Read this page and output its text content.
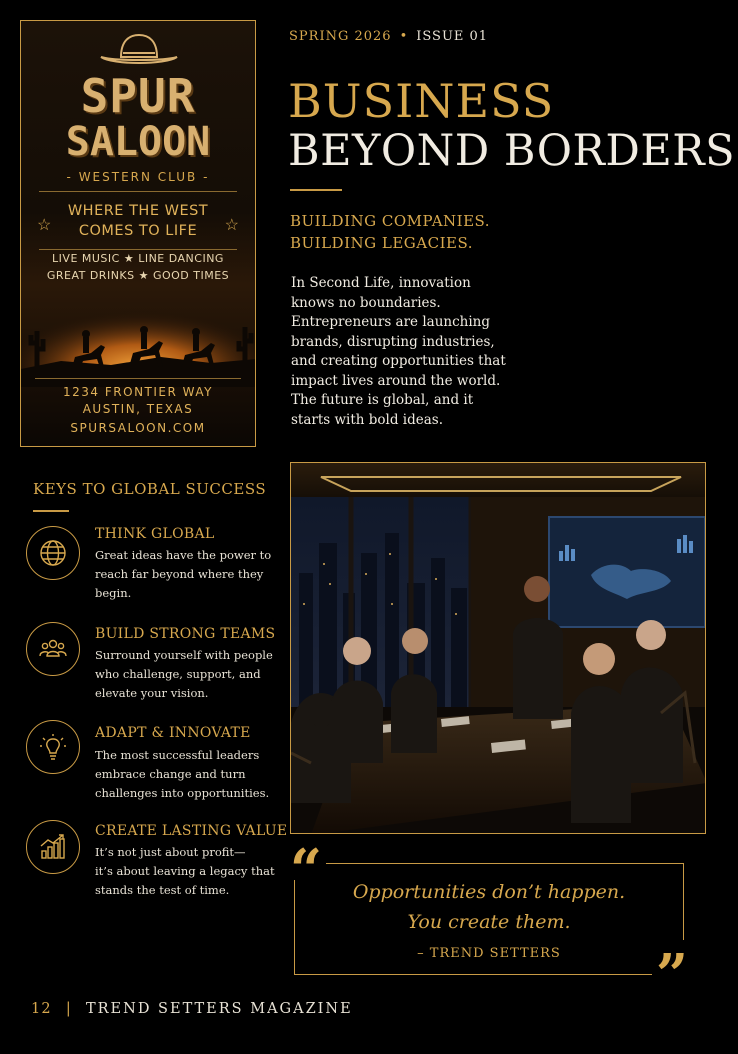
SPUR
SALOON
- WESTERN CLUB -
☆	☆
WHERE THE WEST
COMES TO LIFE
LIVE MUSIC ★ LINE DANCING
GREAT DRINKS ★ GOOD TIMES
1234 FRONTIER WAY
AUSTIN, TEXAS
SPURSALOON.COM
SPRING 2026 • ISSUE 01
BUSINESS
BEYOND BORDERS
BUILDING COMPANIES.
BUILDING LEGACIES.
In Second Life, innovation
knows no boundaries.
Entrepreneurs are launching
brands, disrupting industries,
and creating opportunities that
impact lives around the world.
The future is global, and it
starts with bold ideas.
KEYS TO GLOBAL SUCCESS
THINK GLOBAL
Great ideas have the power to
reach far beyond where they
begin.
BUILD STRONG TEAMS
Surround yourself with people
who challenge, support, and
elevate your vision.
ADAPT & INNOVATE
The most successful leaders
embrace change and turn
challenges into opportunities.
CREATE LASTING VALUE
It’s not just about profit—
it’s about leaving a legacy that
stands the test of time.	“
”
Opportunities don’t happen.
You create them.
– TREND SETTERS
12 | TREND SETTERS MAGAZINE
